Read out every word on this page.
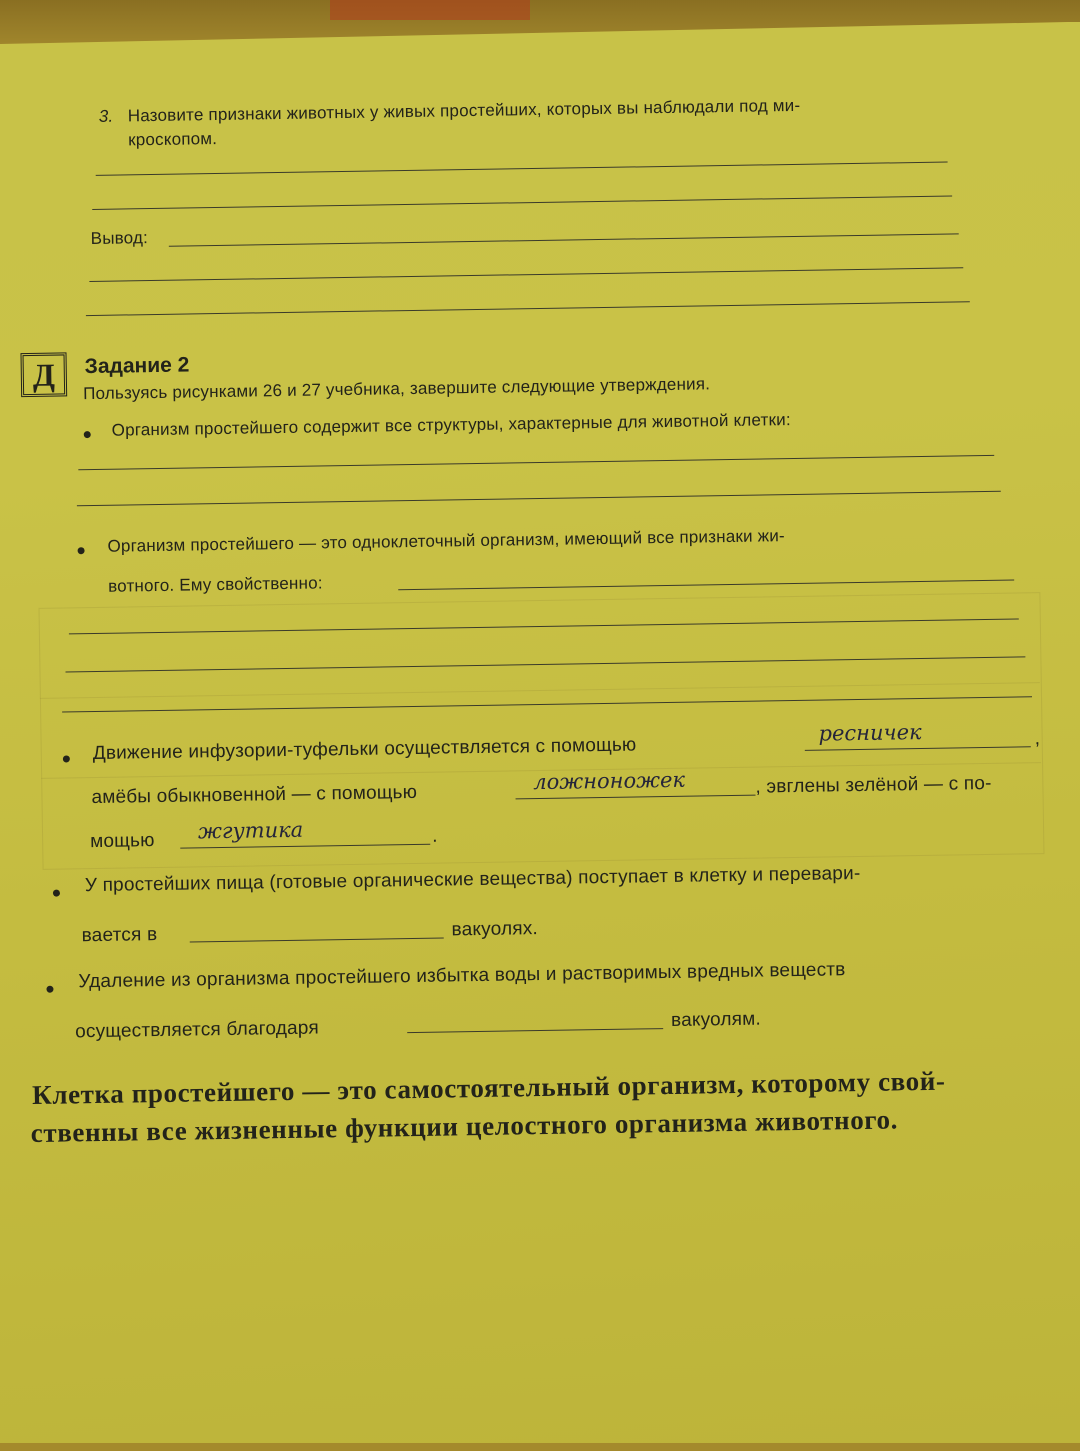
3. Назовите признаки животных у живых простейших, которых вы наблюдали под ми-
кроскопом.
Вывод:
Д	Задание 2
Пользуясь рисунками 26 и 27 учебника, завершите следующие утверждения.
Организм простейшего содержит все структуры, характерные для животной клетки:
Организм простейшего — это одноклеточный организм, имеющий все признаки жи-
вотного. Ему свойственно:
Движение инфузории-туфельки осуществляется с помощью
ресничек	,
амёбы обыкновенной — с помощью
ложноножек	, эвглены зелёной — с по-
мощью жгутика	.
У простейших пища (готовые органические вещества) поступает в клетку и перевари-
вается в	вакуолях.
Удаление из организма простейшего избытка воды и растворимых вредных веществ
осуществляется благодаря	вакуолям.
Клетка простейшего — это самостоятельный организм, которому свой-
ственны все жизненные функции целостного организма животного.
